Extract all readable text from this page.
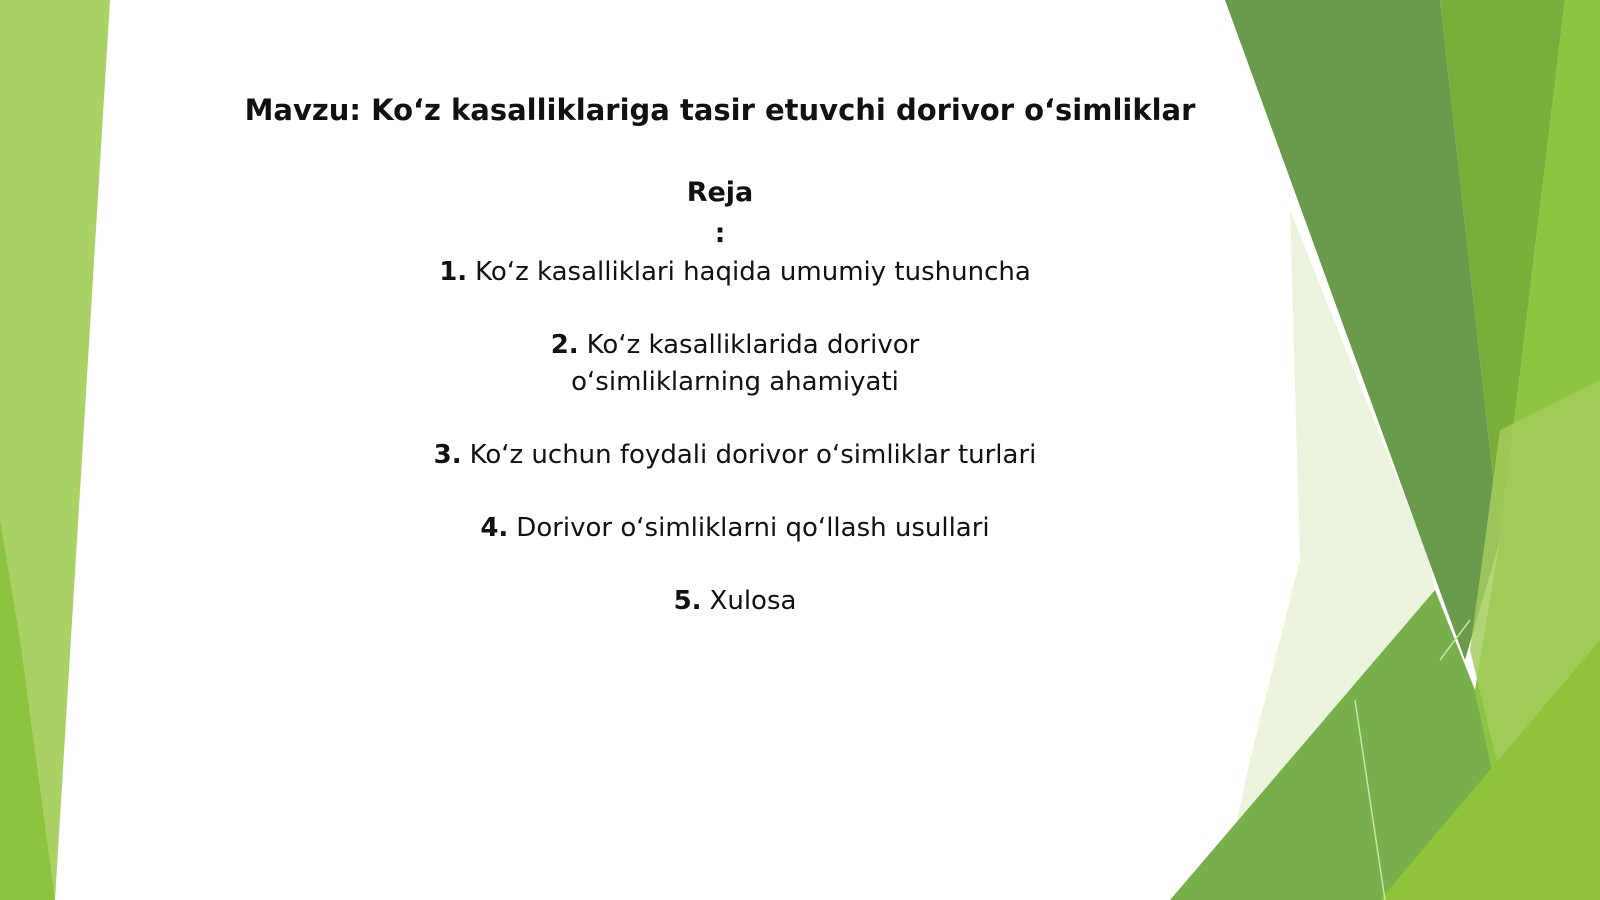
Mavzu: Ko‘z kasalliklariga tasir etuvchi dorivor o‘simliklar
Reja
:
1. Ko‘z kasalliklari haqida umumiy tushuncha
2. Ko‘z kasalliklarida dorivor o‘simliklarning ahamiyati
3. Ko‘z uchun foydali dorivor o‘simliklar turlari
4. Dorivor o‘simliklarni qo‘llash usullari
5. Xulosa
